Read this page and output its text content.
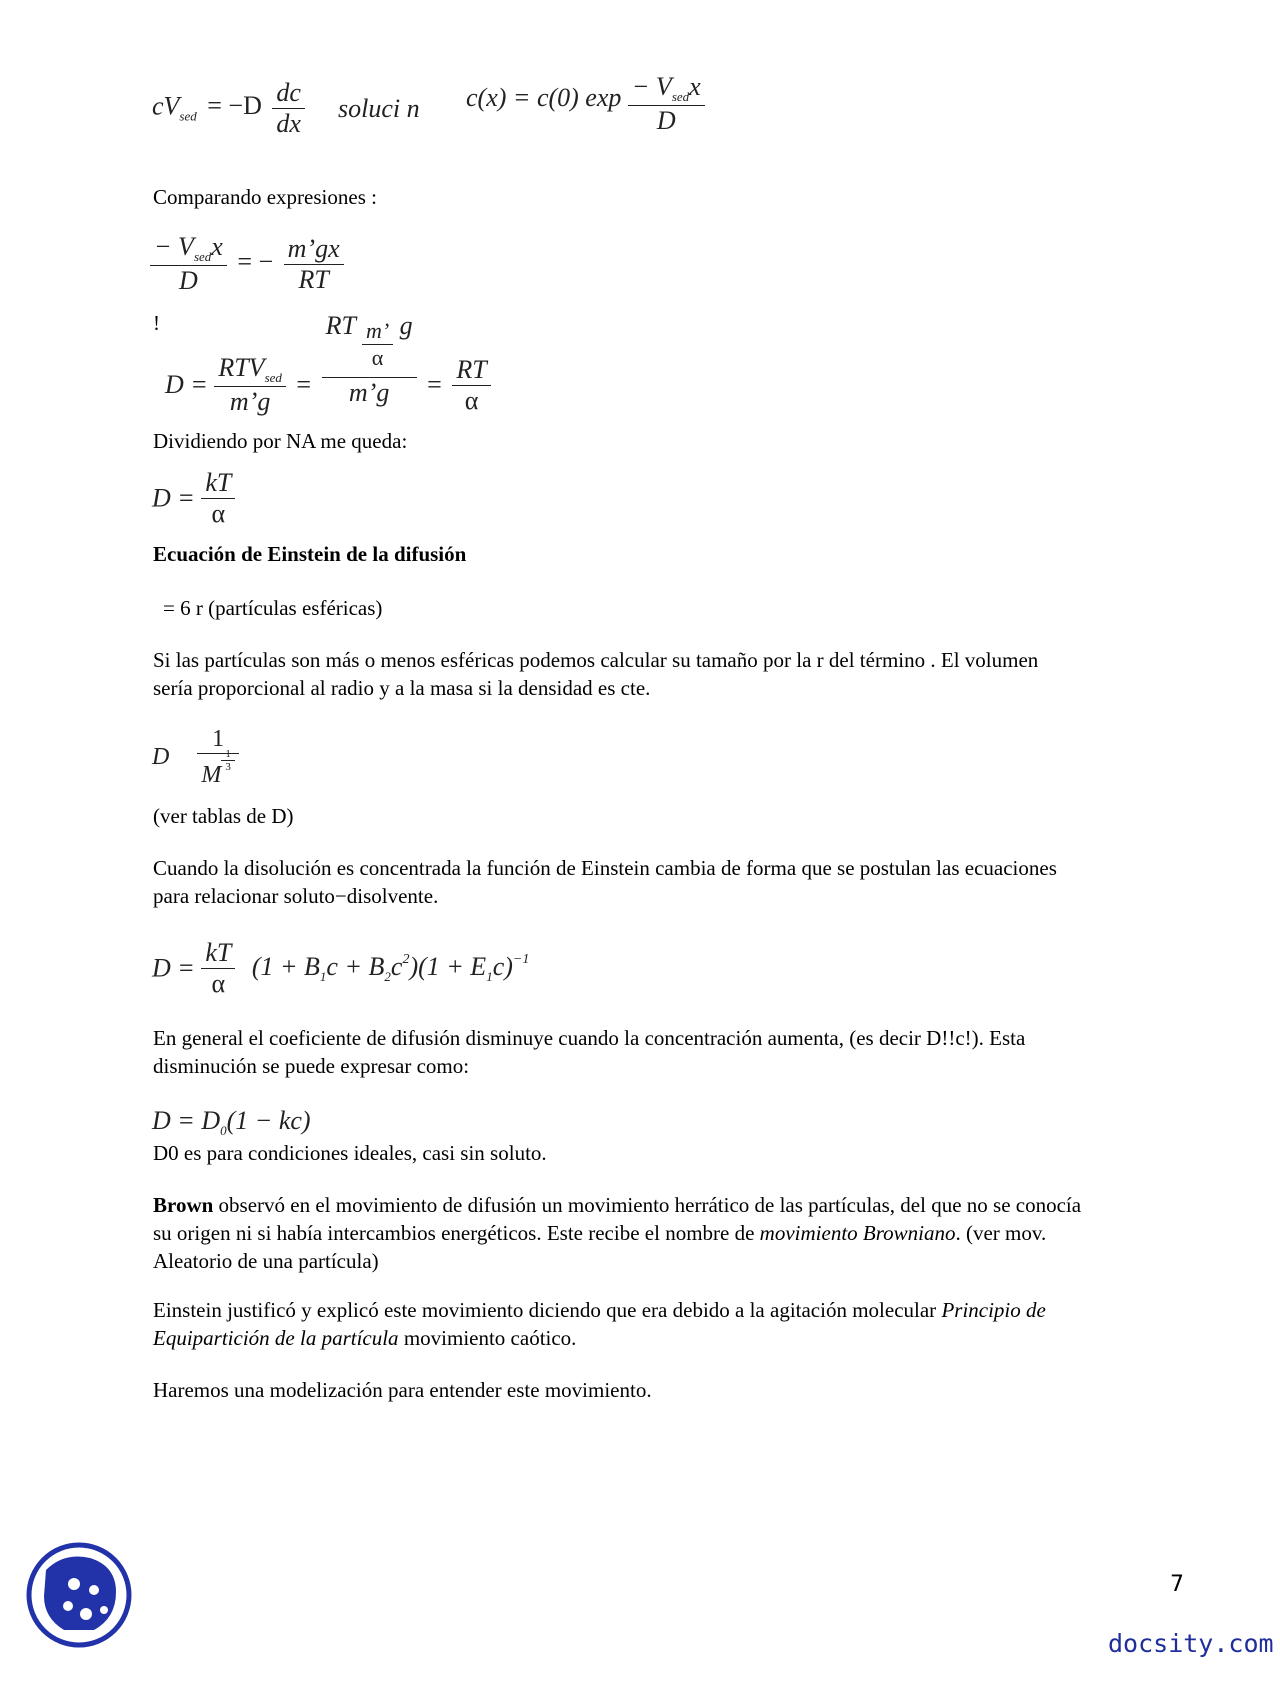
$cV_{sed} = -D \frac{dc}{dx}$ soluci n c(x) = c(0) $\exp \frac{- V_{sed}x}{D}$
Comparando expresiones :
$\frac{- V_{sed}x}{D}$ = − $\frac{m’gx}{RT}$
!
$D = \frac{RTV_{sed}}{m’g} = \frac{RT \frac{m’}{\alpha} g}{m’g} = \frac{RT}{\alpha}$
Dividiendo por NA me queda:
$D = \frac{kT}{\alpha}$
Ecuación de Einstein de la difusión
= 6 r (partículas esféricas)
Si las partículas son más o menos esféricas podemos calcular su tamaño por la r del término . El volumen
sería proporcional al radio y a la masa si la densidad es cte.
D 1
M
$\frac{1}{3}$
(ver tablas de D)
Cuando la disolución es concentrada la función de Einstein cambia de forma que se postulan las ecuaciones
para relacionar soluto−disolvente.
$D = \frac{kT}{\alpha} (1 + B_1c + B_2c^2)(1 + E_1c)^{-1}$
En general el coeficiente de difusión disminuye cuando la concentración aumenta, (es decir D!!c!). Esta
disminución se puede expresar como:
$D = D_0(1 - kc)$
D0 es para condiciones ideales, casi sin soluto.
Brown observó en el movimiento de difusión un movimiento herrático de las partículas, del que no se conocía
su origen ni si había intercambios energéticos. Este recibe el nombre de movimiento Browniano. (ver mov.
Aleatorio de una partícula)
Einstein justificó y explicó este movimiento diciendo que era debido a la agitación molecular Principio de
Equipartición de la partícula movimiento caótico.
Haremos una modelización para entender este movimiento.
7
docsity.com
